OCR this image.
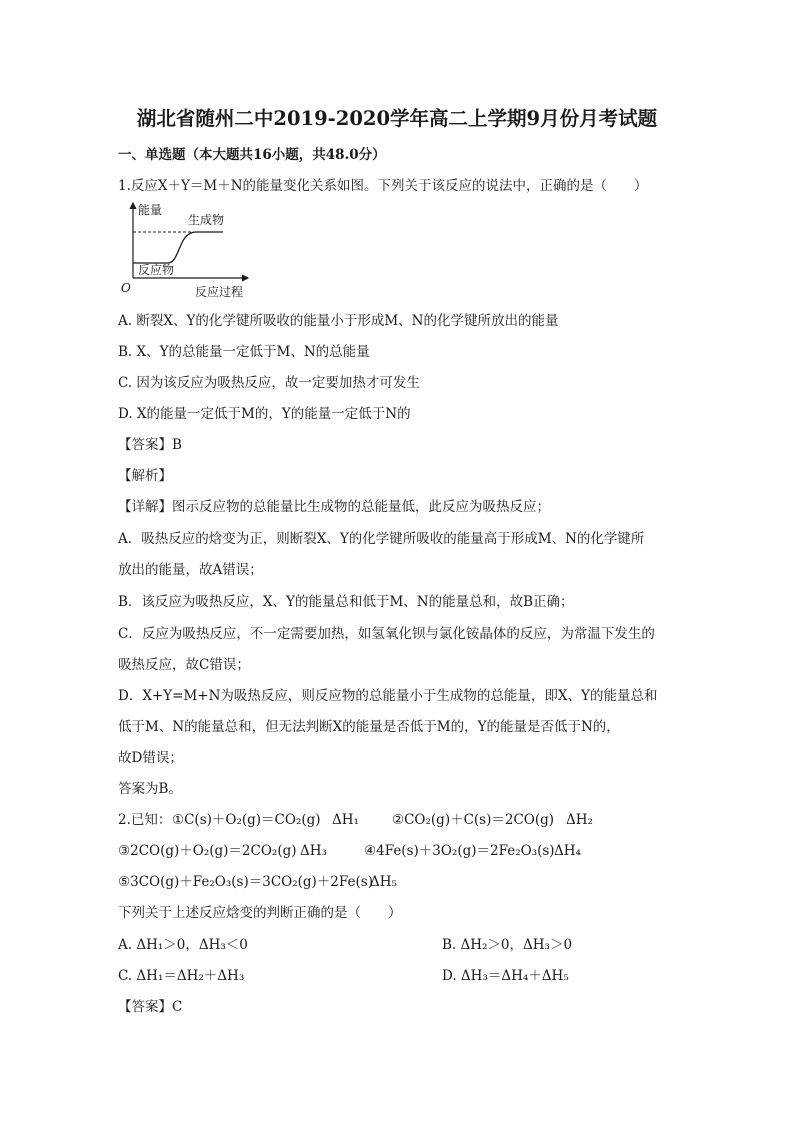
湖北省随州二中2019-2020学年高二上学期9月份月考试题
一、单选题（本大题共16小题，共48.0分）
1.反应X＋Y＝M＋N的能量变化关系如图。下列关于该反应的说法中，正确的是（　　）
能量
生成物
反应物
O	反应过程
A. 断裂X、Y的化学键所吸收的能量小于形成M、N的化学键所放出的能量
B. X、Y的总能量一定低于M、N的总能量
C. 因为该反应为吸热反应，故一定要加热才可发生
D. X的能量一定低于M的，Y的能量一定低于N的
【答案】B
【解析】
【详解】图示反应物的总能量比生成物的总能量低，此反应为吸热反应；
A．吸热反应的焓变为正，则断裂X、Y的化学键所吸收的能量高于形成M、N的化学键所
放出的能量，故A错误；
B．该反应为吸热反应，X、Y的能量总和低于M、N的能量总和，故B正确；
C．反应为吸热反应，不一定需要加热，如氢氧化钡与氯化铵晶体的反应，为常温下发生的
吸热反应，故C错误；
D．X+Y=M+N为吸热反应，则反应物的总能量小于生成物的总能量，即X、Y的能量总和
低于M、N的能量总和，但无法判断X的能量是否低于M的，Y的能量是否低于N的，
故D错误；
答案为B。
2.已知： ①C(s)＋O₂(g)＝CO₂(g) ΔH₁ ②CO₂(g)＋C(s)＝2CO(g) ΔH₂
③2CO(g)＋O₂(g)＝2CO₂(g) ΔH₃	④4Fe(s)＋3O₂(g)＝2Fe₂O₃(s) ΔH₄
⑤3CO(g)＋Fe₂O₃(s)＝3CO₂(g)＋2Fe(s)
ΔH₅
下列关于上述反应焓变的判断正确的是（　　）
A. ΔH₁＞0，ΔH₃＜0	B. ΔH₂＞0，ΔH₃＞0
C. ΔH₁＝ΔH₂＋ΔH₃	D. ΔH₃＝ΔH₄＋ΔH₅
【答案】C
